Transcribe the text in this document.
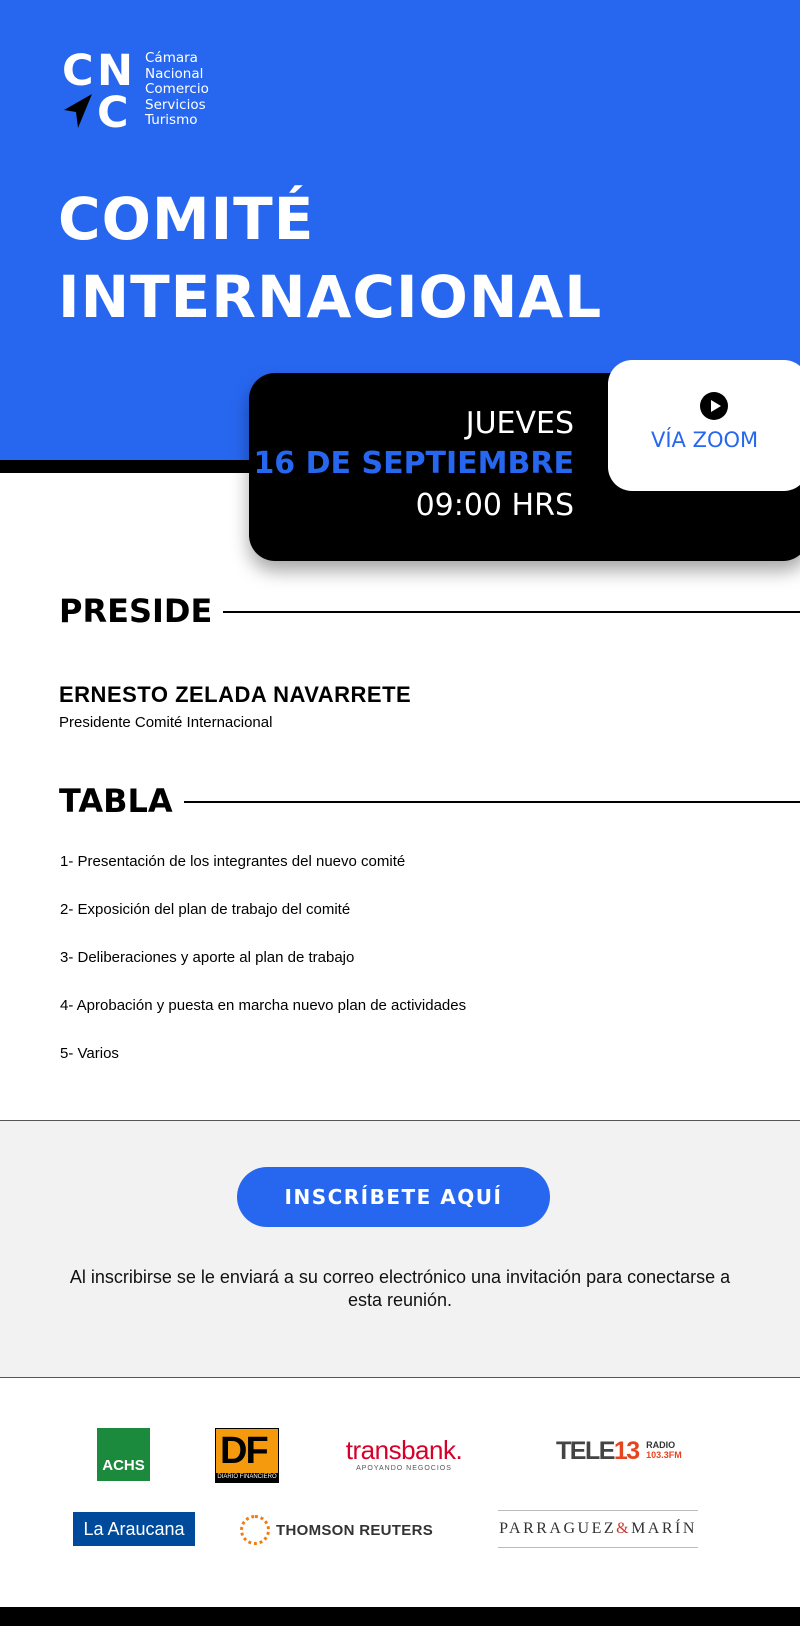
C N
C
Cámara
Nacional
Comercio
Servicios
Turismo
COMITÉ
INTERNACIONAL
JUEVES
16 DE SEPTIEMBRE
09:00 HRS
VÍA ZOOM
PRESIDE
ERNESTO ZELADA NAVARRETE
Presidente Comité Internacional
TABLA
1- Presentación de los integrantes del nuevo comité
2- Exposición del plan de trabajo del comité
3- Deliberaciones y aporte al plan de trabajo
4- Aprobación y puesta en marcha nuevo plan de actividades
5- Varios
INSCRÍBETE AQUÍ
Al inscribirse se le enviará a su correo electrónico una invitación para conectarse a esta reunión.
ACHS DF
DIARIO FINANCIERO
transbank.
APOYANDO NEGOCIOS
TELE13 RADIO
103.3FM
La Araucana	THOMSON REUTERS	PARRAGUEZ&MARÍN
